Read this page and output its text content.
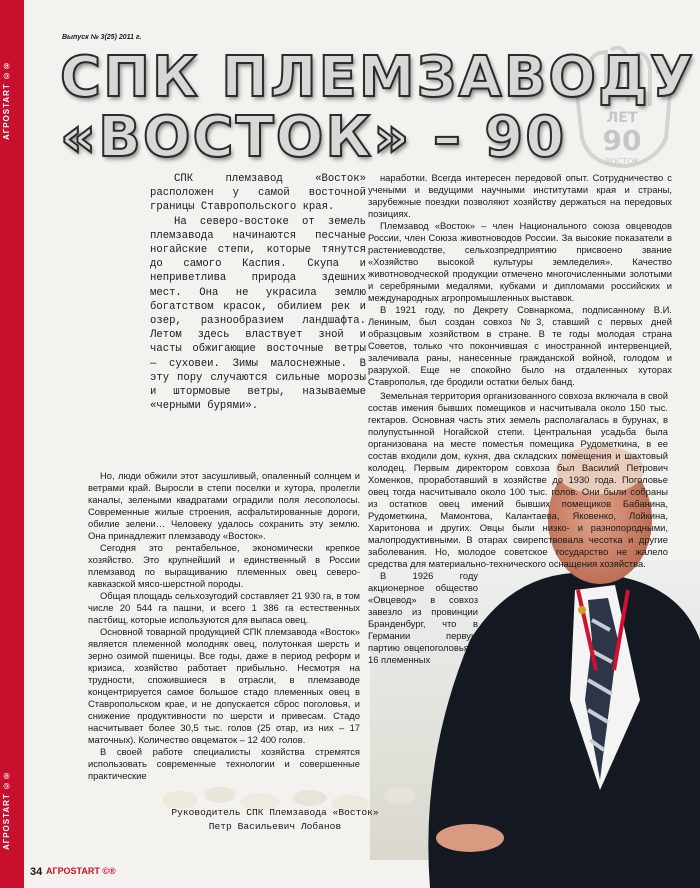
АГРОSTART ©®
АГРОSTART ©®
Выпуск № 3(25) 2011 г.
ЛЕТ
90
ВОСТОК
СПК ПЛЕМЗАВОДУ
«ВОСТОК» – 90

СПК племзавод «Восток» расположен у самой восточной границы Ставропольского края.

На северо-востоке от земель племзавода начинаются песчаные ногайские степи, которые тянутся до самого Каспия. Скупа и неприветлива природа здешних мест. Она не украсила землю богатством красок, обилием рек и озер, разнообразием ландшафта. Летом здесь властвует зной и часты обжигающие восточные ветры — суховеи. Зимы малоснежные. В эту пору случаются сильные морозы и штормовые ветры, называемые «черными бурями».

Но, люди обжили этот засушливый, опаленный солнцем и ветрами край. Выросли в степи поселки и хутора, пролегли каналы, зелеными квадратами оградили поля лесополосы. Современные жилые строения, асфальтированные дороги, обилие зелени… Человеку удалось сохранить эту землю. Она принадлежит племзаводу «Восток».

Сегодня это рентабельное, экономически крепкое хозяйство. Это крупнейший и единственный в России племзавод по выращиванию племенных овец северо-кавказской мясо-шерстной породы.

Общая площадь сельхозугодий составляет 21 930 га, в том числе 20 544 га пашни, и всего 1 386 га естественных пастбищ, которые используются для выпаса овец.

Основной товарной продукцией СПК племзавода «Восток» является племенной молодняк овец, полутонкая шерсть и зерно озимой пшеницы. Все годы, даже в период реформ и кризиса, хозяйство работает прибыльно. Несмотря на трудности, спожившиеся в отрасли, в племзаводе концентрируется самое большое стадо племенных овец в Ставропольском крае, и не допускается сброс поголовья, и снижение продуктивности по шерсти и привесам. Стадо насчитывает более 30,5 тыс. голов (25 отар, из них – 17 маточных). Количество овцематок – 12 400 голов.

В своей работе специалисты хозяйства стремятся использовать современные технологии и совершенные практические

наработки. Всегда интересен передовой опыт. Сотрудничество с учеными и ведущими научными институтами края и страны, зарубежные поездки позволяют хозяйству держаться на передовых позициях.

Племзавод «Восток» – член Национального союза овцеводов России, член Союза животноводов России. За высокие показатели в растениеводстве, сельхозпредприятию присвоено звание «Хозяйство высокой культуры земледелия». Качество животноводческой продукции отмечено многочисленными золотыми и серебряными медалями, кубками и дипломами российских и международных агропромышленных выставок.

В 1921 году, по Декрету Совнаркома, подписанному В.И. Лениным, был создан совхоз №3, ставший с первых дней образцовым хозяйством в стране. В те годы молодая страна Советов, только что покончившая с иностранной интервенцией, залечивала раны, нанесенные гражданской войной, голодом и разрухой. Еще не спокойно было на отдаленных хуторах Ставрополья, где бродили остатки белых банд.

Земельная территория организованного совхоза включала в свой состав имения бывших помещиков и насчитывала около 150 тыс. гектаров. Основная часть этих земель располагалась в бурунах, в полупустынной Ногайской степи. Центральная усадьба была организована на месте поместья помещика Рудометкина, в ее состав входили дом, кухня, два складских помещения и шахтовый колодец. Первым директором совхоза был Василий Петрович Хоменков, проработавший в хозяйстве до 1930 года. Поголовье овец тогда насчитывало около 100 тыс. голов. Они были собраны из остатков овец имений бывших помещиков Бабанина, Рудометкина, Мамонтова, Калантаева, Яковенко, Лойкина, Харитонова и других. Овцы были низко- и разнопородными, малопродуктивными. В отарах свирепствовала чесотка и другие заболевания. Но, молодое советское государство не жалело средства для материально-технического оснащения хозяйства.

В 1926 году акционерное общество «Овцевод» в совхоз завезло из провинции Бранденбург, что в Германии первую партию овцепоголовья – 16 племенных

Руководитель СПК Племзавода «Восток»
Петр Васильевич Лобанов
34 АГРОSTART ©®
